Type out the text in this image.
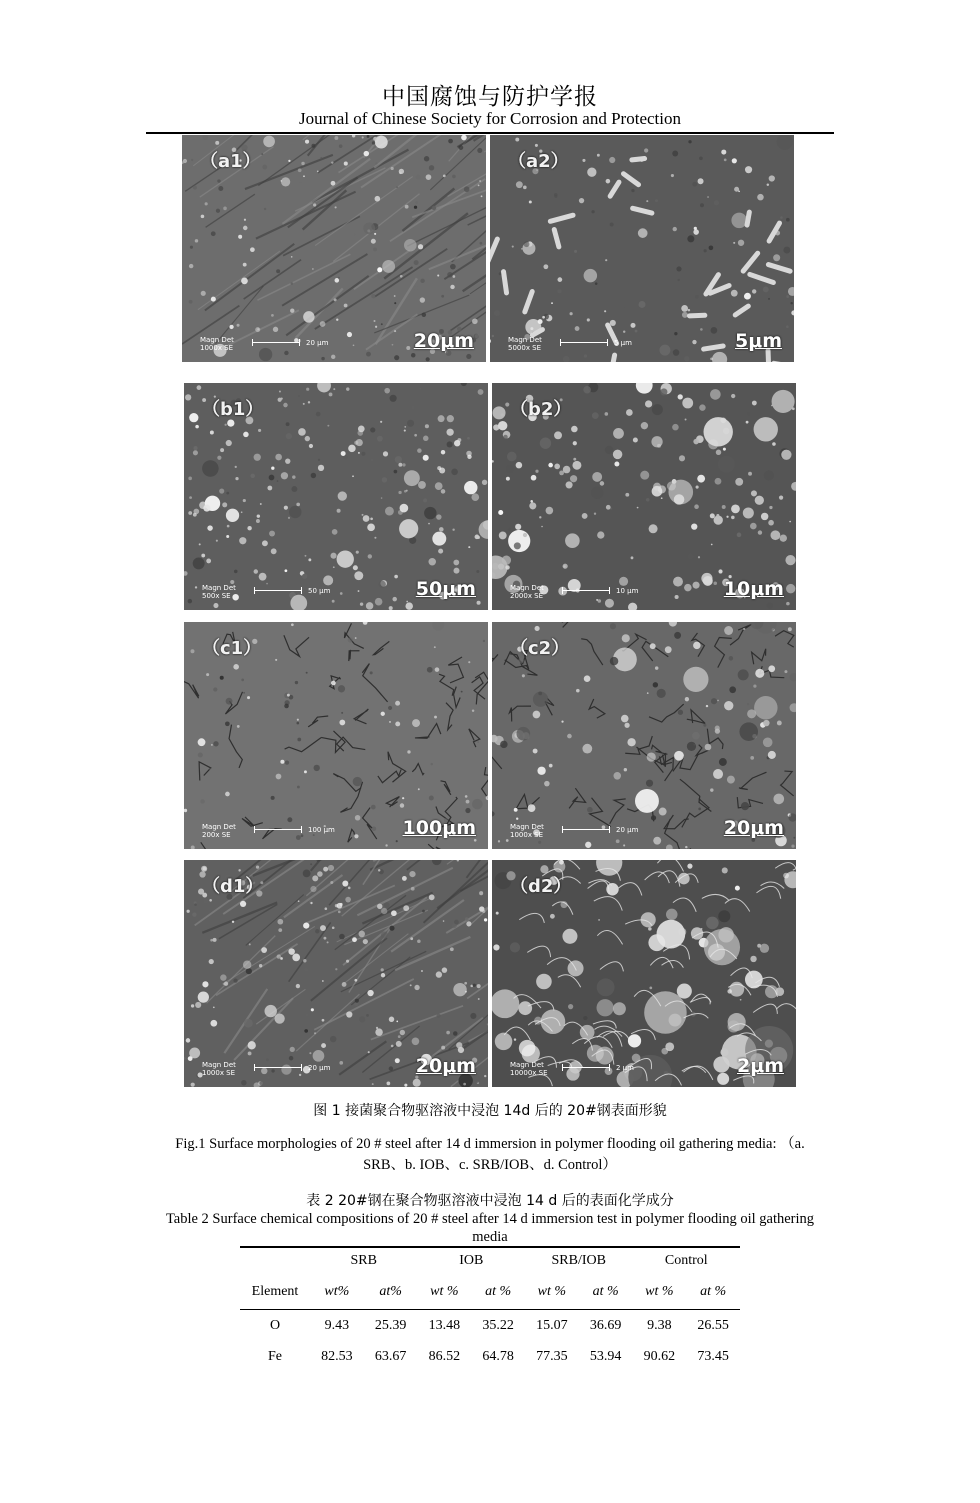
中国腐蚀与防护学报
Journal of Chinese Society for Corrosion and Protection
（a1）
Magn Det
1000x SE
20 μm	20μm
（a2）
Magn Det
5000x SE
5 μm	5μm
（b1）
Magn Det
500x SE
50 μm	50μm
（b2）
Magn Det
2000x SE
10 μm	10μm
（c1）
Magn Det
200x SE
100 μm	100μm
（c2）
Magn Det
1000x SE
20 μm	20μm
（d1）
Magn Det
1000x SE
20 μm	20μm
（d2）
Magn Det
10000x SE
2 μm	2μm
图 1 接菌聚合物驱溶液中浸泡 14d 后的 20#钢表面形貌
Fig.1 Surface morphologies of 20 # steel after 14 d immersion in polymer flooding oil gathering media: （a. SRB、b. IOB、c. SRB/IOB、d. Control）
表 2 20#钢在聚合物驱溶液中浸泡 14 d 后的表面化学成分
Table 2 Surface chemical compositions of 20 # steel after 14 d immersion test in polymer flooding oil gathering media
	SRB		IOB		SRB/IOB		Control	
Element	wt%	at%	wt %	at %	wt %	at %	wt %	at %
O	9.43	25.39	13.48	35.22	15.07	36.69	9.38	26.55
Fe	82.53	63.67	86.52	64.78	77.35	53.94	90.62	73.45
